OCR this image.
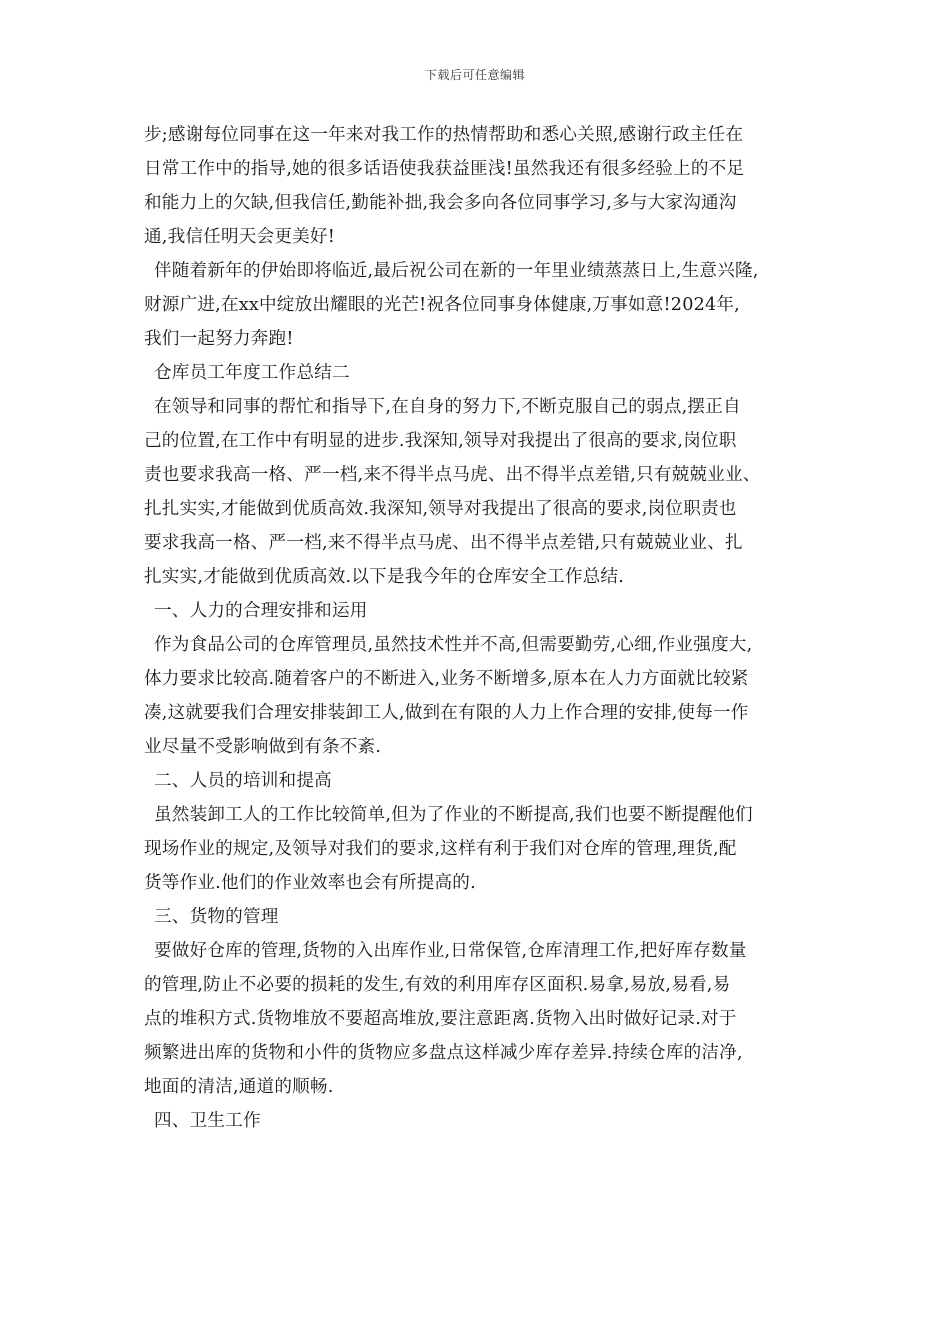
下载后可任意编辑
步;感谢每位同事在这一年来对我工作的热情帮助和悉心关照,感谢行政主任在
日常工作中的指导,她的很多话语使我获益匪浅!虽然我还有很多经验上的不足
和能力上的欠缺,但我信任,勤能补拙,我会多向各位同事学习,多与大家沟通沟
通,我信任明天会更美好!
伴随着新年的伊始即将临近,最后祝公司在新的一年里业绩蒸蒸日上,生意兴隆,
财源广进,在xx中绽放出耀眼的光芒!祝各位同事身体健康,万事如意!2024年,
我们一起努力奔跑!
仓库员工年度工作总结二
在领导和同事的帮忙和指导下,在自身的努力下,不断克服自己的弱点,摆正自
己的位置,在工作中有明显的进步.我深知,领导对我提出了很高的要求,岗位职
责也要求我高一格、严一档,来不得半点马虎、出不得半点差错,只有兢兢业业、
扎扎实实,才能做到优质高效.我深知,领导对我提出了很高的要求,岗位职责也
要求我高一格、严一档,来不得半点马虎、出不得半点差错,只有兢兢业业、扎
扎实实,才能做到优质高效.以下是我今年的仓库安全工作总结.
一、人力的合理安排和运用
作为食品公司的仓库管理员,虽然技术性并不高,但需要勤劳,心细,作业强度大,
体力要求比较高.随着客户的不断进入,业务不断增多,原本在人力方面就比较紧
凑,这就要我们合理安排装卸工人,做到在有限的人力上作合理的安排,使每一作
业尽量不受影响做到有条不紊.
二、人员的培训和提高
虽然装卸工人的工作比较简单,但为了作业的不断提高,我们也要不断提醒他们
现场作业的规定,及领导对我们的要求,这样有利于我们对仓库的管理,理货,配
货等作业.他们的作业效率也会有所提高的.
三、货物的管理
要做好仓库的管理,货物的入出库作业,日常保管,仓库清理工作,把好库存数量
的管理,防止不必要的损耗的发生,有效的利用库存区面积.易拿,易放,易看,易
点的堆积方式.货物堆放不要超高堆放,要注意距离.货物入出时做好记录.对于
频繁进出库的货物和小件的货物应多盘点这样减少库存差异.持续仓库的洁净,
地面的清洁,通道的顺畅.
四、卫生工作
